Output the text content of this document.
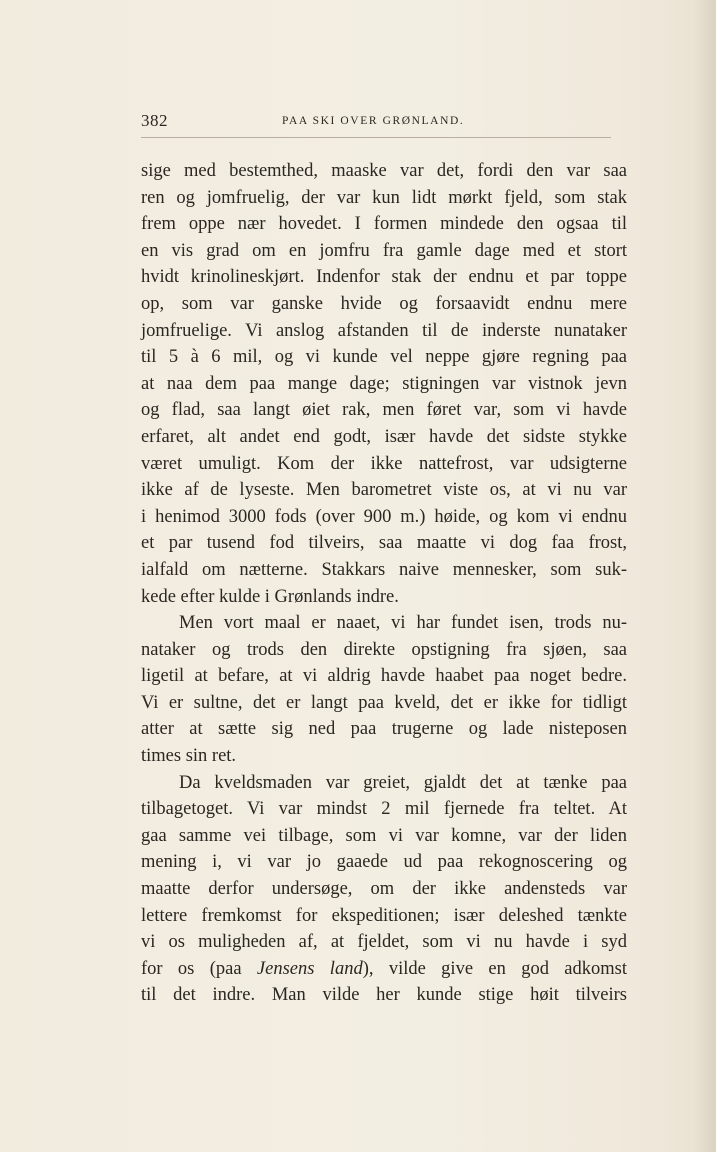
382	PAA SKI OVER GRØNLAND.
sige med bestemthed, maaske var det, fordi den var saa
ren og jomfruelig, der var kun lidt mørkt fjeld, som stak
frem oppe nær hovedet. I formen mindede den ogsaa til
en vis grad om en jomfru fra gamle dage med et stort
hvidt krinolineskjørt. Indenfor stak der endnu et par toppe
op, som var ganske hvide og forsaavidt endnu mere
jomfruelige. Vi anslog afstanden til de inderste nunataker
til 5 à 6 mil, og vi kunde vel neppe gjøre regning paa
at naa dem paa mange dage; stigningen var vistnok jevn
og flad, saa langt øiet rak, men føret var, som vi havde
erfaret, alt andet end godt, især havde det sidste stykke
været umuligt. Kom der ikke nattefrost, var udsigterne
ikke af de lyseste. Men barometret viste os, at vi nu var
i henimod 3000 fods (over 900 m.) høide, og kom vi endnu
et par tusend fod tilveirs, saa maatte vi dog faa frost,
ialfald om nætterne. Stakkars naive mennesker, som suk-
kede efter kulde i Grønlands indre.
Men vort maal er naaet, vi har fundet isen, trods nu-
nataker og trods den direkte opstigning fra sjøen, saa
ligetil at befare, at vi aldrig havde haabet paa noget bedre.
Vi er sultne, det er langt paa kveld, det er ikke for tidligt
atter at sætte sig ned paa trugerne og lade nisteposen
times sin ret.
Da kveldsmaden var greiet, gjaldt det at tænke paa
tilbagetoget. Vi var mindst 2 mil fjernede fra teltet. At
gaa samme vei tilbage, som vi var komne, var der liden
mening i, vi var jo gaaede ud paa rekognoscering og
maatte derfor undersøge, om der ikke andensteds var
lettere fremkomst for ekspeditionen; især deleshed tænkte
vi os muligheden af, at fjeldet, som vi nu havde i syd
for os (paa Jensens land), vilde give en god adkomst
til det indre. Man vilde her kunde stige høit tilveirs
